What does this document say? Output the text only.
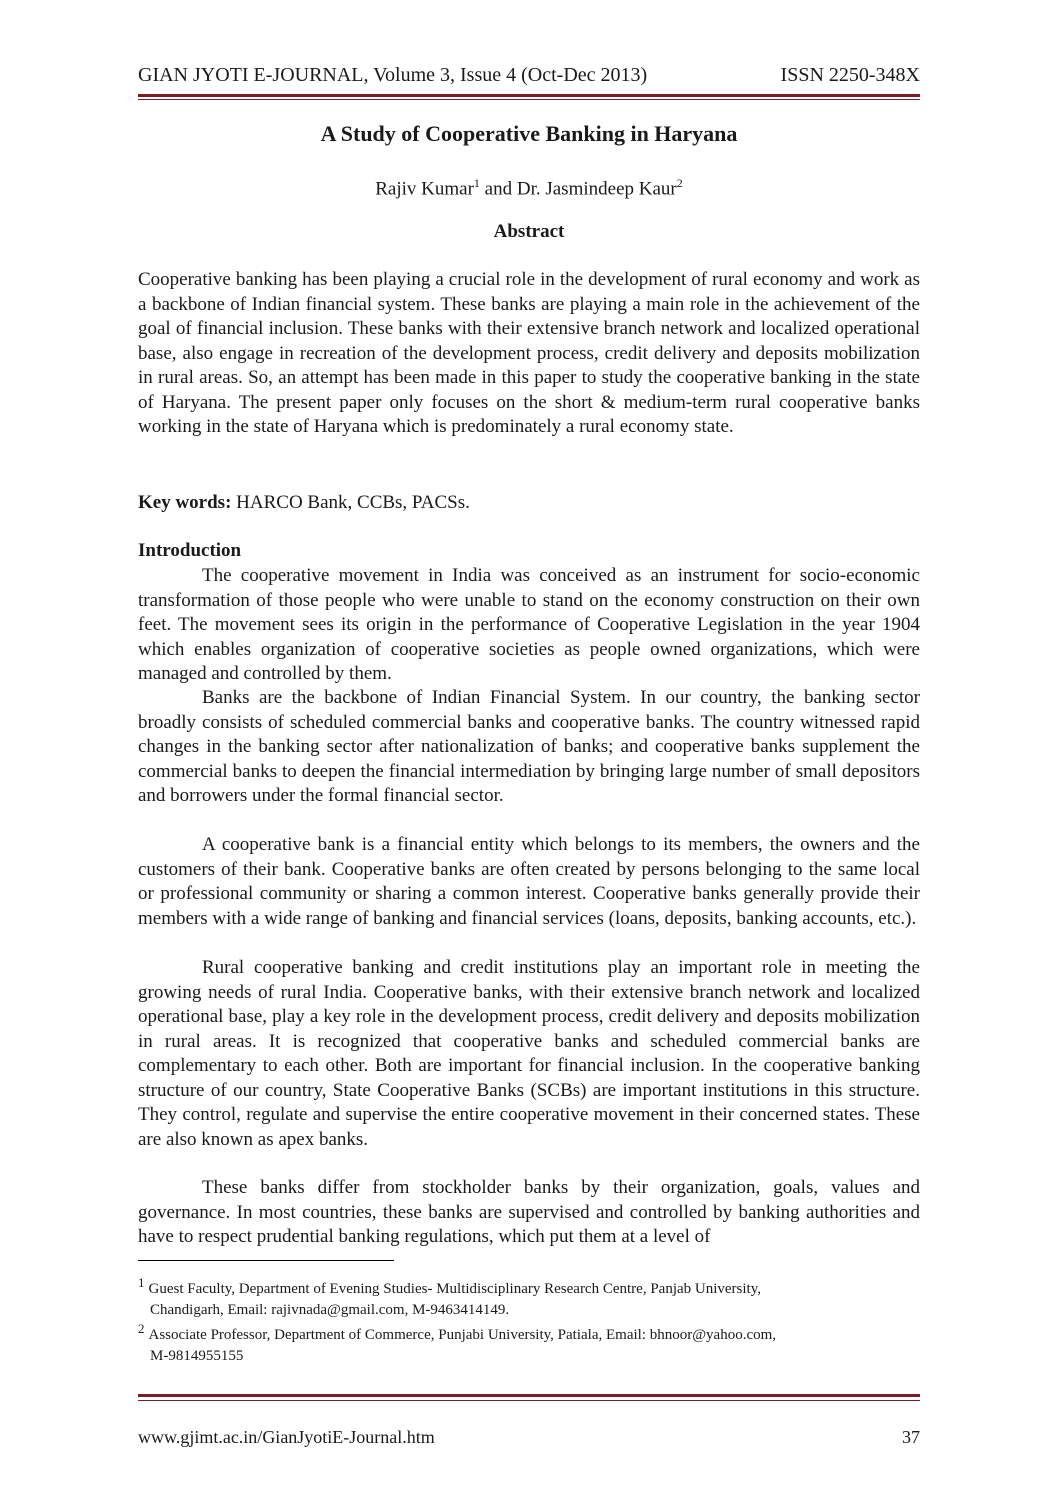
GIAN JYOTI E-JOURNAL, Volume 3, Issue 4 (Oct-Dec 2013)	ISSN 2250-348X
A Study of Cooperative Banking in Haryana
Rajiv Kumar$^1$ and Dr. Jasmindeep Kaur$^2$
Abstract

Cooperative banking has been playing a crucial role in the development of rural economy and work as a backbone of Indian financial system. These banks are playing a main role in the achievement of the goal of financial inclusion. These banks with their extensive branch network and localized operational base, also engage in recreation of the development process, credit delivery and deposits mobilization in rural areas. So, an attempt has been made in this paper to study the cooperative banking in the state of Haryana. The present paper only focuses on the short & medium-term rural cooperative banks working in the state of Haryana which is predominately a rural economy state.

Key words: HARCO Bank, CCBs, PACSs.
Introduction

The cooperative movement in India was conceived as an instrument for socio-economic transformation of those people who were unable to stand on the economy construction on their own feet. The movement sees its origin in the performance of Cooperative Legislation in the year 1904 which enables organization of cooperative societies as people owned organizations, which were managed and controlled by them.

Banks are the backbone of Indian Financial System. In our country, the banking sector broadly consists of scheduled commercial banks and cooperative banks. The country witnessed rapid changes in the banking sector after nationalization of banks; and cooperative banks supplement the commercial banks to deepen the financial intermediation by bringing large number of small depositors and borrowers under the formal financial sector.

A cooperative bank is a financial entity which belongs to its members, the owners and the customers of their bank. Cooperative banks are often created by persons belonging to the same local or professional community or sharing a common interest. Cooperative banks generally provide their members with a wide range of banking and financial services (loans, deposits, banking accounts, etc.).

Rural cooperative banking and credit institutions play an important role in meeting the growing needs of rural India. Cooperative banks, with their extensive branch network and localized operational base, play a key role in the development process, credit delivery and deposits mobilization in rural areas. It is recognized that cooperative banks and scheduled commercial banks are complementary to each other. Both are important for financial inclusion. In the cooperative banking structure of our country, State Cooperative Banks (SCBs) are important institutions in this structure. They control, regulate and supervise the entire cooperative movement in their concerned states. These are also known as apex banks.

These banks differ from stockholder banks by their organization, goals, values and governance. In most countries, these banks are supervised and controlled by banking authorities and have to respect prudential banking regulations, which put them at a level of

1 Guest Faculty, Department of Evening Studies- Multidisciplinary Research Centre, Panjab University,
Chandigarh, Email: rajivnada@gmail.com, M-9463414149.
2 Associate Professor, Department of Commerce, Punjabi University, Patiala, Email: bhnoor@yahoo.com,
M-9814955155
www.gjimt.ac.in/GianJyotiE-Journal.htm	37
